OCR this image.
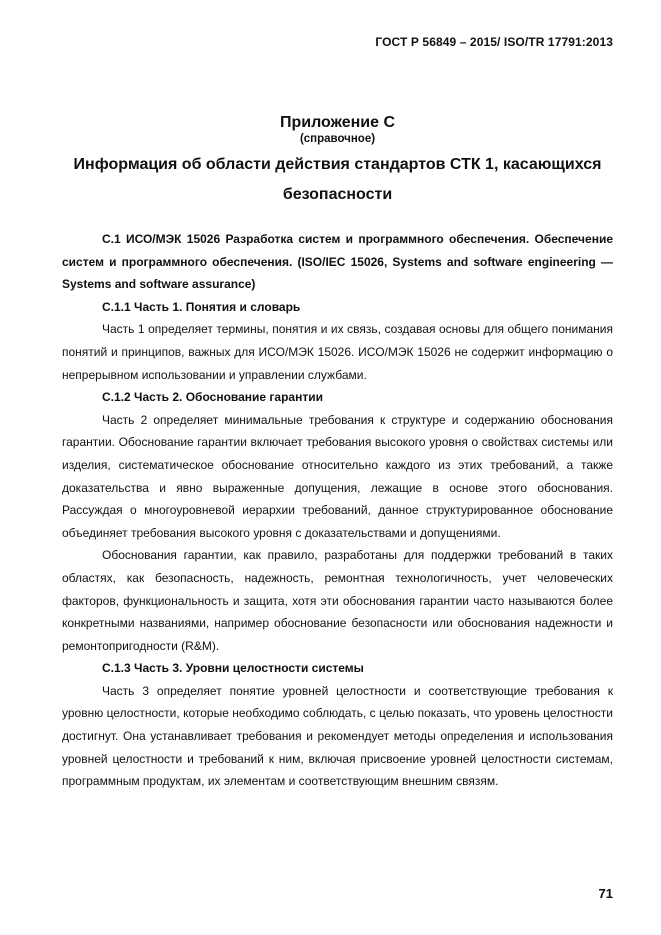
ГОСТ Р 56849 – 2015/ ISO/TR 17791:2013
Приложение С
(справочное)
Информация об области действия стандартов СТК 1, касающихся безопасности

С.1 ИСО/МЭК 15026 Разработка систем и программного обеспечения. Обеспечение систем и программного обеспечения. (ISO/IEC 15026, Systems and software engineering — Systems and software assurance)

С.1.1 Часть 1. Понятия и словарь

Часть 1 определяет термины, понятия и их связь, создавая основы для общего понимания понятий и принципов, важных для ИСО/МЭК 15026. ИСО/МЭК 15026 не содержит информацию о непрерывном использовании и управлении службами.

С.1.2 Часть 2. Обоснование гарантии

Часть 2 определяет минимальные требования к структуре и содержанию обоснования гарантии. Обоснование гарантии включает требования высокого уровня о свойствах системы или изделия, систематическое обоснование относительно каждого из этих требований, а также доказательства и явно выраженные допущения, лежащие в основе этого обоснования. Рассуждая о многоуровневой иерархии требований, данное структурированное обоснование объединяет требования высокого уровня с доказательствами и допущениями.

Обоснования гарантии, как правило, разработаны для поддержки требований в таких областях, как безопасность, надежность, ремонтная технологичность, учет человеческих факторов, функциональность и защита, хотя эти обоснования гарантии часто называются более конкретными названиями, например обоснование безопасности или обоснования надежности и ремонтопригодности (R&M).

С.1.3 Часть 3. Уровни целостности системы

Часть 3 определяет понятие уровней целостности и соответствующие требования к уровню целостности, которые необходимо соблюдать, с целью показать, что уровень целостности достигнут. Она устанавливает требования и рекомендует методы определения и использования уровней целостности и требований к ним, включая присвоение уровней целостности системам, программным продуктам, их элементам и соответствующим внешним связям.

71
